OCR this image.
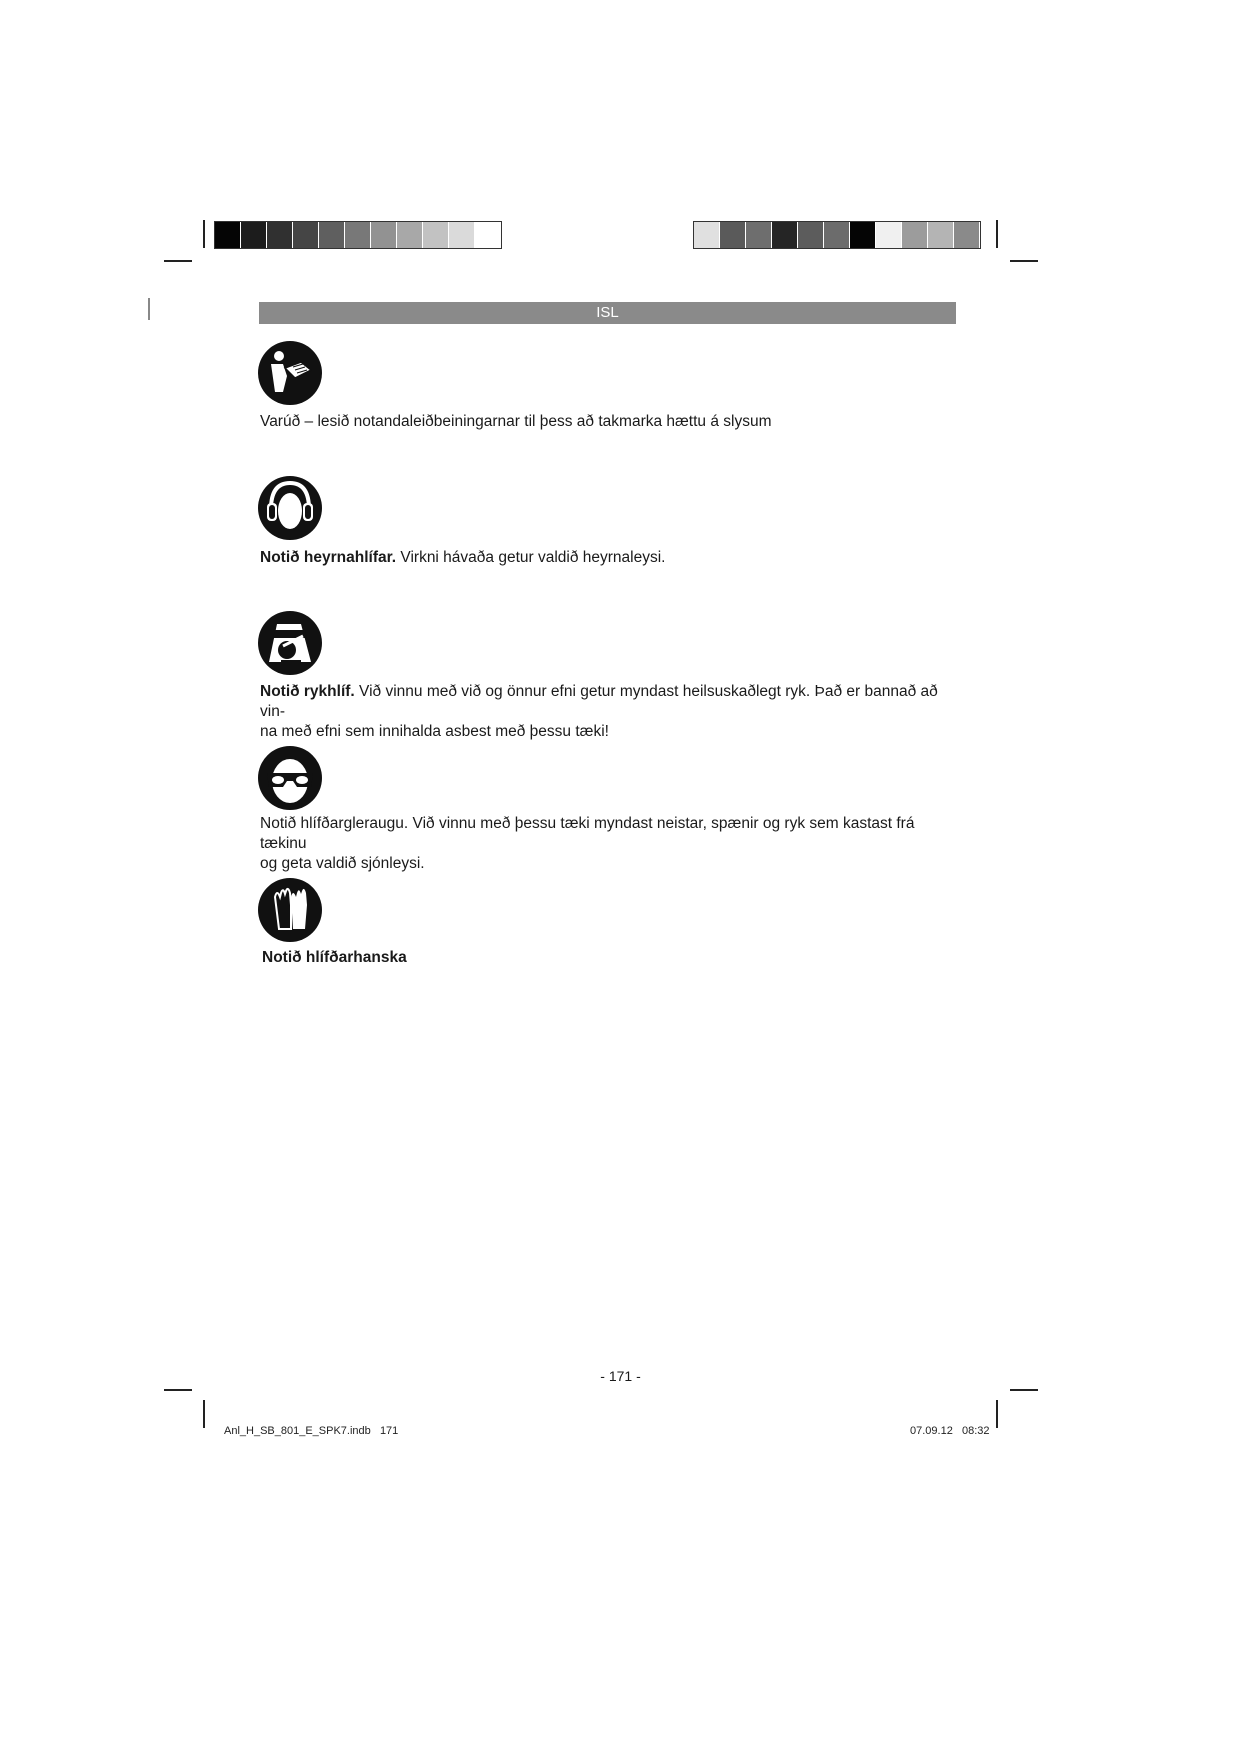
ISL
Varúð – lesið notandaleiðbeiningarnar til þess að takmarka hættu á slysum
Notið heyrnahlífar. Virkni hávaða getur valdið heyrnaleysi.
Notið rykhlíf. Við vinnu með við og önnur efni getur myndast heilsuskaðlegt ryk. Það er bannað að vin-
na með efni sem innihalda asbest með þessu tæki!
Notið hlífðargleraugu. Við vinnu með þessu tæki myndast neistar, spænir og ryk sem kastast frá tækinu
og geta valdið sjónleysi.
Notið hlífðarhanska
- 171 -
Anl_H_SB_801_E_SPK7.indb   171	07.09.12   08:32
